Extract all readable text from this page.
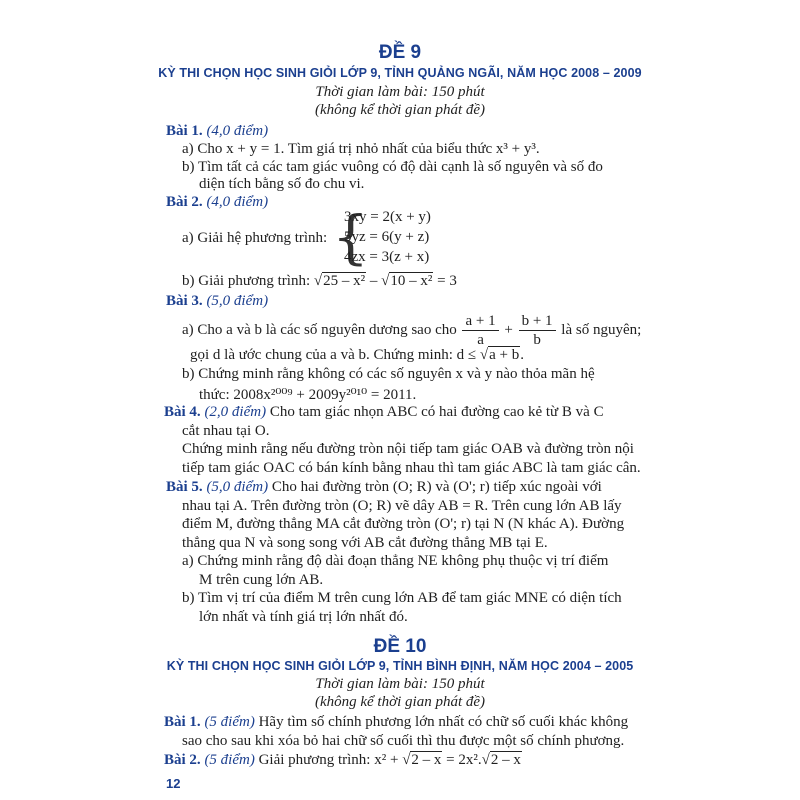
ĐỀ 9
KỲ THI CHỌN HỌC SINH GIỎI LỚP 9, TỈNH QUẢNG NGÃI, NĂM HỌC 2008 – 2009
Thời gian làm bài: 150 phút
(không kể thời gian phát đề)
Bài 1. (4,0 điểm)
a) Cho x + y = 1. Tìm giá trị nhỏ nhất của biểu thức x³ + y³.
b) Tìm tất cả các tam giác vuông có độ dài cạnh là số nguyên và số đo
diện tích bằng số đo chu vi.
Bài 2. (4,0 điểm)
a) Giải hệ phương trình: {
3xy = 2(x + y)
5yz = 6(y + z)
4zx = 3(z + x)
b) Giải phương trình: √25 – x² – √10 – x² = 3
Bài 3. (5,0 điểm)
a) Cho a và b là các số nguyên dương sao cho $\frac{a + 1}{a} + \frac{b + 1}{b}$ là số nguyên;
gọi d là ước chung của a và b. Chứng minh: d ≤ √a + b.
b) Chứng minh rằng không có các số nguyên x và y nào thỏa mãn hệ
thức: 2008x²⁰⁰⁹ + 2009y²⁰¹⁰ = 2011.
Bài 4. (2,0 điểm) Cho tam giác nhọn ABC có hai đường cao kẻ từ B và C
cắt nhau tại O.
Chứng minh rằng nếu đường tròn nội tiếp tam giác OAB và đường tròn nội
tiếp tam giác OAC có bán kính bằng nhau thì tam giác ABC là tam giác cân.
Bài 5. (5,0 điểm) Cho hai đường tròn (O; R) và (O'; r) tiếp xúc ngoài với
nhau tại A. Trên đường tròn (O; R) vẽ dây AB = R. Trên cung lớn AB lấy
điểm M, đường thẳng MA cắt đường tròn (O'; r) tại N (N khác A). Đường
thẳng qua N và song song với AB cắt đường thẳng MB tại E.
a) Chứng minh rằng độ dài đoạn thẳng NE không phụ thuộc vị trí điểm
M trên cung lớn AB.
b) Tìm vị trí của điểm M trên cung lớn AB để tam giác MNE có diện tích
lớn nhất và tính giá trị lớn nhất đó.
ĐỀ 10
KỲ THI CHỌN HỌC SINH GIỎI LỚP 9, TỈNH BÌNH ĐỊNH, NĂM HỌC 2004 – 2005
Thời gian làm bài: 150 phút
(không kể thời gian phát đề)
Bài 1. (5 điểm) Hãy tìm số chính phương lớn nhất có chữ số cuối khác không
sao cho sau khi xóa bỏ hai chữ số cuối thì thu được một số chính phương.
Bài 2. (5 điểm) Giải phương trình: x² + √2 – x = 2x².√2 – x
12
